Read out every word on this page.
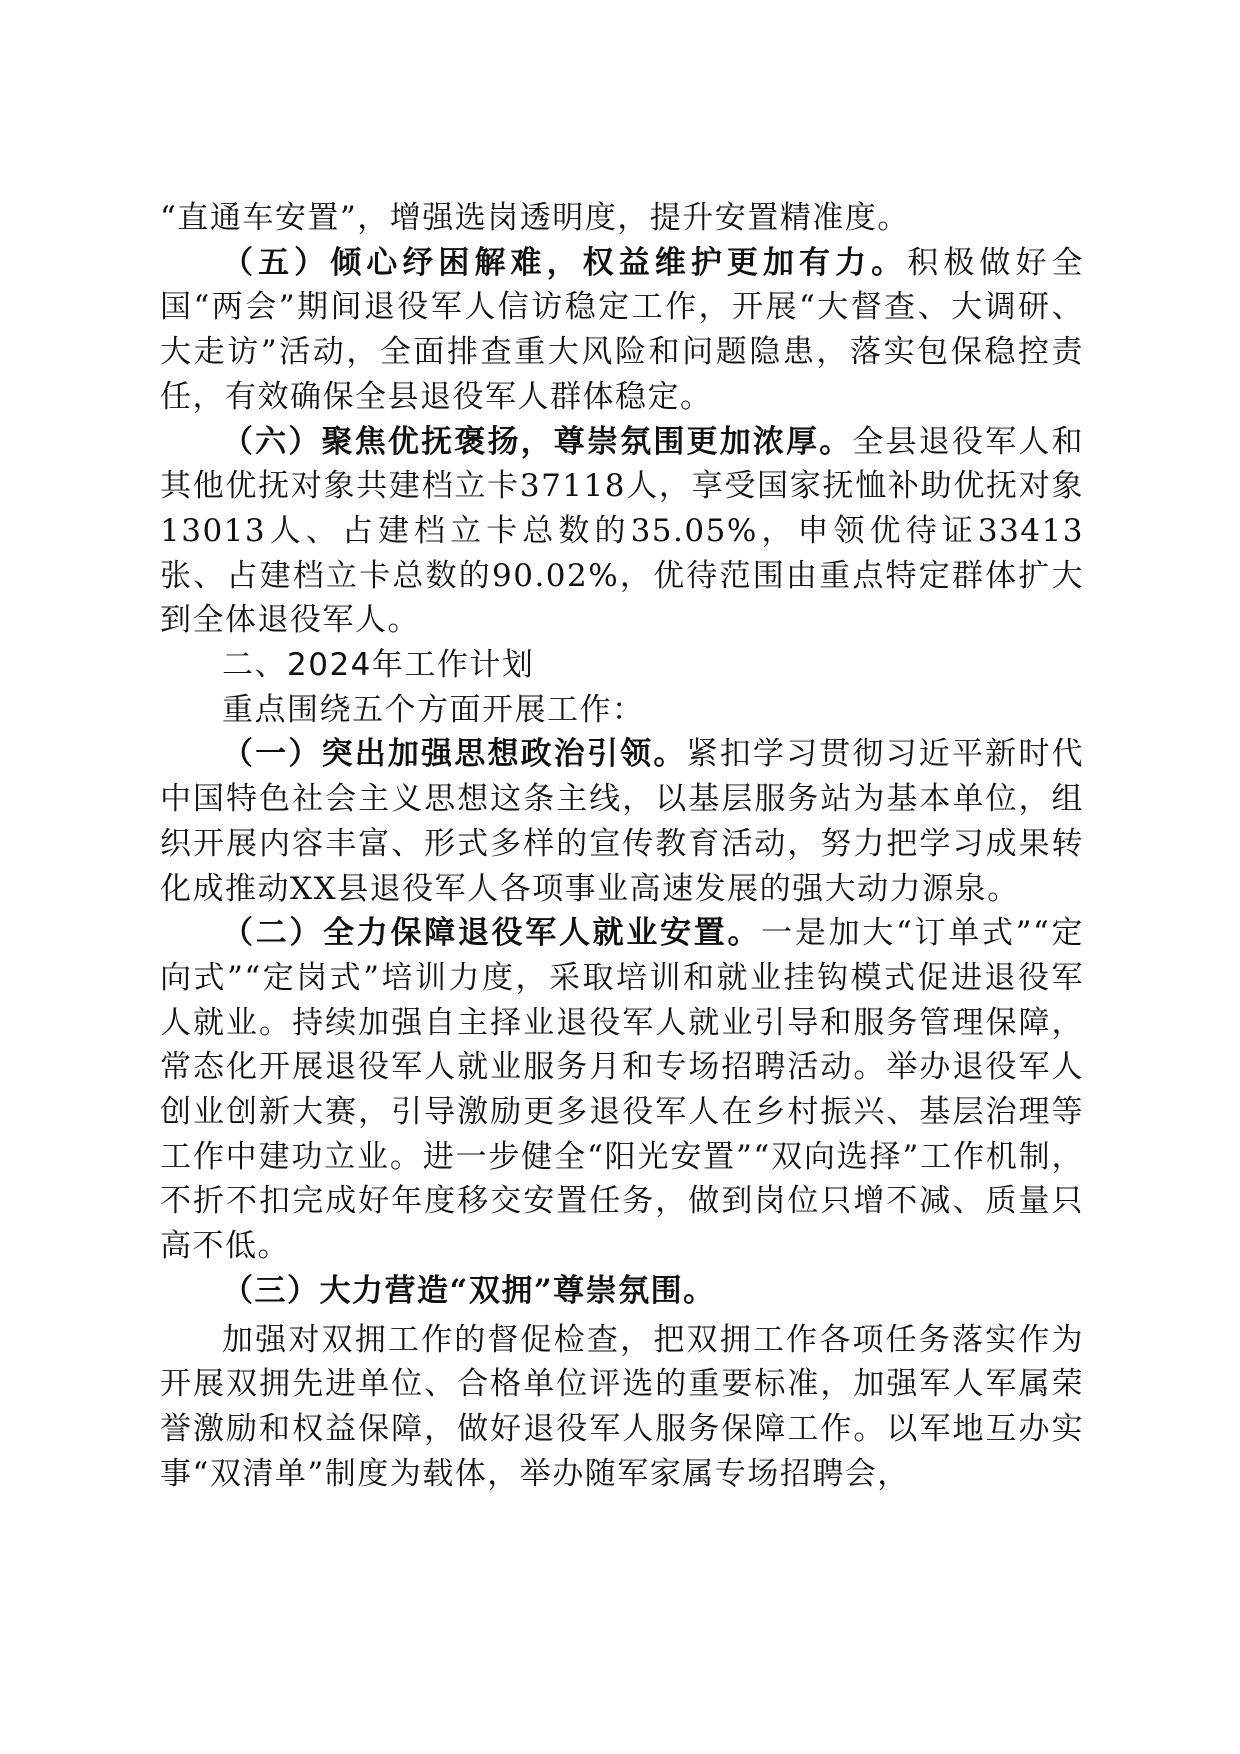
“直通车安置”，增强选岗透明度，提升安置精准度。

（五）倾心纾困解难，权益维护更加有力。积极做好全国“两会”期间退役军人信访稳定工作，开展“大督查、大调研、大走访”活动，全面排查重大风险和问题隐患，落实包保稳控责任，有效确保全县退役军人群体稳定。

（六）聚焦优抚褒扬，尊崇氛围更加浓厚。全县退役军人和其他优抚对象共建档立卡37118人，享受国家抚恤补助优抚对象13013人、占建档立卡总数的35.05%，申领优待证33413张、占建档立卡总数的90.02%，优待范围由重点特定群体扩大到全体退役军人。

二、2024年工作计划

重点围绕五个方面开展工作：

（一）突出加强思想政治引领。紧扣学习贯彻习近平新时代中国特色社会主义思想这条主线，以基层服务站为基本单位，组织开展内容丰富、形式多样的宣传教育活动，努力把学习成果转化成推动XX县退役军人各项事业高速发展的强大动力源泉。

（二）全力保障退役军人就业安置。一是加大“订单式”“定向式”“定岗式”培训力度，采取培训和就业挂钩模式促进退役军人就业。持续加强自主择业退役军人就业引导和服务管理保障，常态化开展退役军人就业服务月和专场招聘活动。举办退役军人创业创新大赛，引导激励更多退役军人在乡村振兴、基层治理等工作中建功立业。进一步健全“阳光安置”“双向选择”工作机制，不折不扣完成好年度移交安置任务，做到岗位只增不减、质量只高不低。

（三）大力营造“双拥”尊崇氛围。

加强对双拥工作的督促检查，把双拥工作各项任务落实作为开展双拥先进单位、合格单位评选的重要标准，加强军人军属荣誉激励和权益保障，做好退役军人服务保障工作。以军地互办实事“双清单”制度为载体，举办随军家属专场招聘会，
